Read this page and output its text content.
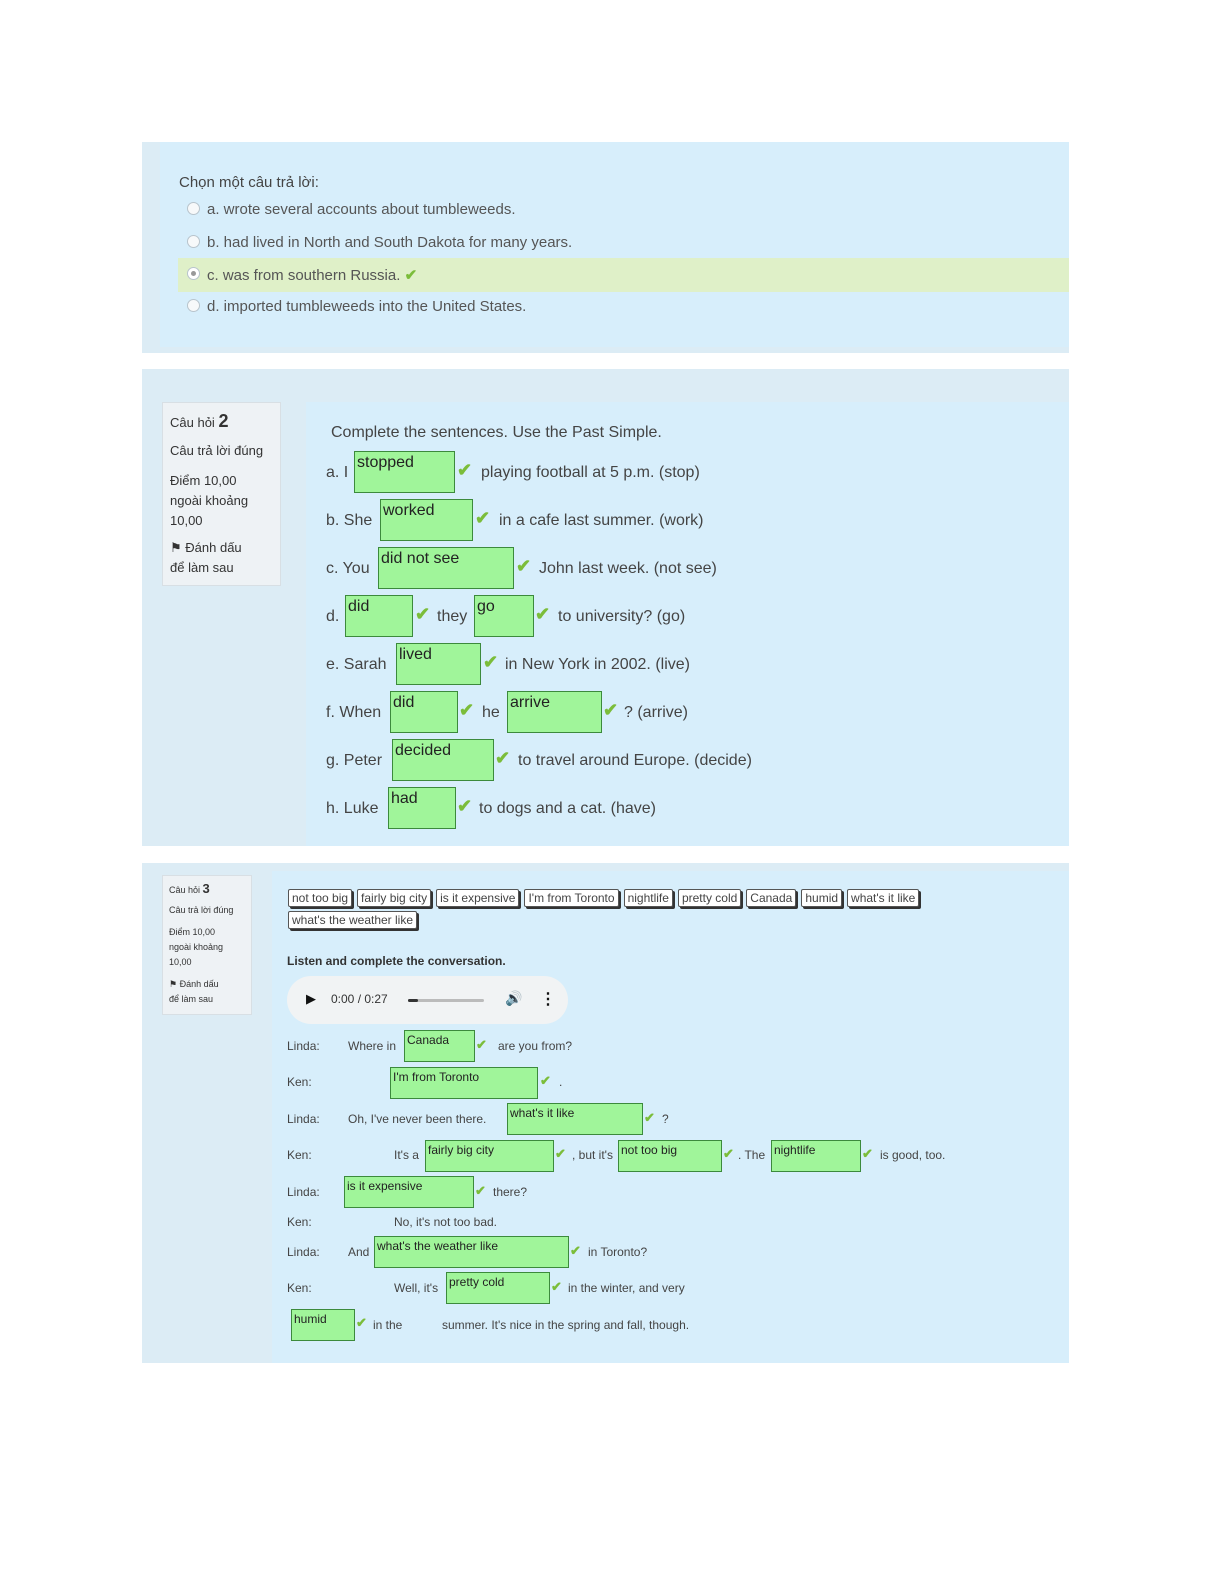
Chọn một câu trả lời:
a. wrote several accounts about tumbleweeds.
b. had lived in North and South Dakota for many years.
c. was from southern Russia. ✔
d. imported tumbleweeds into the United States.
Câu hỏi 2
Câu trả lời đúng
Điểm 10,00
ngoài khoảng
10,00
⚑ Đánh dấu
để làm sau
Complete the sentences. Use the Past Simple.
a. I
stopped	✔ playing football at 5 p.m. (stop)
b. She
worked	✔ in a cafe last summer. (work)
c. You
did not see	✔ John last week. (not see)
d.
did	✔ they
go	✔ to university? (go)
e. Sarah
lived	✔ in New York in 2002. (live)
f. When
did	✔ he
arrive	✔ ? (arrive)
g. Peter
decided	✔ to travel around Europe. (decide)
h. Luke
had	✔ to dogs and a cat. (have)
Câu hỏi 3
Câu trả lời đúng
Điểm 10,00
ngoài khoảng
10,00
⚑ Đánh dấu
để làm sau
not too big fairly big city is it expensive I'm from Toronto nightlife pretty cold Canada humid what's it likewhat's the weather like
Listen and complete the conversation.
▶ 0:00 / 0:27	🔊 ⋮
Linda: Where in Canada	✔ are you from?
Ken:	I'm from Toronto	✔ .
Linda: Oh, I've never been there. what's it like	✔ ?
Ken:	It's a fairly big city	✔ , but it's not too big	✔ . The nightlife	✔ is good, too.
Linda: is it expensive	✔ there?
Ken:	No, it's not too bad.
Linda: And what's the weather like	✔ in Toronto?
Ken:	Well, it's pretty cold	✔ in the winter, and very
humid	✔ in the	summer. It's nice in the spring and fall, though.
